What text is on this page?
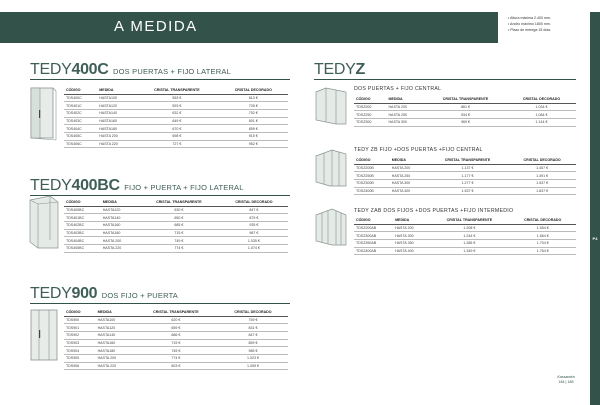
A MEDIDA	• Altura máxima 2.400 mm.
• Ancho máximo 1800 mm.
• Plazo de entrega 15 días.
P4
Kassandra
184 | 185
TEDY400C DOS PUERTAS + FIJO LATERAL
CÓDIGO	MEDIDA	CRISTAL TRANSPARENTE	CRISTAL DECORADO
TDS400C	HASTA100	553 €	613 €
TDS401C	HASTA120	593 €	705 €
TDS402C	HASTA140	632 €	752 €
TDS403C	HASTA160	649 €	801 €
TDS404C	HASTA180	670 €	859 €
TDS405C	HASTA 200	698 €	915 €
TDS406C	HASTA 220	727 €	952 €
TEDY400BC FIJO + PUERTA + FIJO LATERAL
CÓDIGO	MEDIDA	CRISTAL TRANSPARENTE	CRISTAL DECORADO
TDS400BC	HASTA120	630 €	847 €
TDS401BC	HASTA140	650 €	879 €
TDS402BC	HASTA160	685 €	935 €
TDS403BC	HASTA180	715 €	987 €
TDS404BC	HASTA 200	749 €	1.035 €
TDS405BC	HASTA 220	774 €	1.074 €
TEDY900 DOS FIJO + PUERTA
CÓDIGO	MEDIDA	CRISTAL TRANSPARENTE	CRISTAL DECORADO
TDS900	HASTA100	620 €	759 €
TDS901	HASTA120	659 €	831 €
TDS902	HASTA140	686 €	847 €
TDS903	HASTA160	715 €	859 €
TDS904	HASTA180	745 €	985 €
TDS905	HASTA 200	774 €	1.023 €
TDS906	HASTA 220	803 €	1.059 €
TEDYZ
DOS PUERTAS + FIJO CENTRAL
CÓDIGO	MEDIDA	CRISTAL TRANSPARENTE	CRISTAL DECORADO
TDSZ200	HASTA 200	861 €	1.034 €
TDSZ250	HASTA 250	934 €	1.084 €
TDSZ300	HASTA 300	969 €	1.144 €
TEDY ZB FIJO +DOS PUERTAS +FIJO CENTRAL
CÓDIGO	MEDIDA	CRISTAL TRANSPARENTE	CRISTAL DECORADO
TDSZ200B	HASTA 200	1.137 €	1.457 €
TDSZ250B	HASTA 250	1.177 €	1.491 €
TDSZ300B	HASTA 300	1.277 €	1.537 €
TDSZ400B	HASTA 400	1.537 €	1.837 €
TEDY ZAB DOS FIJOS +DOS PUERTAS +FIJO INTERMEDIO
CÓDIGO	MEDIDA	CRISTAL TRANSPARENTE	CRISTAL DECORADO
TDSZ200AB	HASTA 200	1.208 €	1.554 €
TDSZ300AB	HASTA 300	1.244 €	1.664 €
TDSZ350AB	HASTA 350	1.286 €	1.704 €
TDSZ400AB	HASTA 400	1.349 €	1.764 €
